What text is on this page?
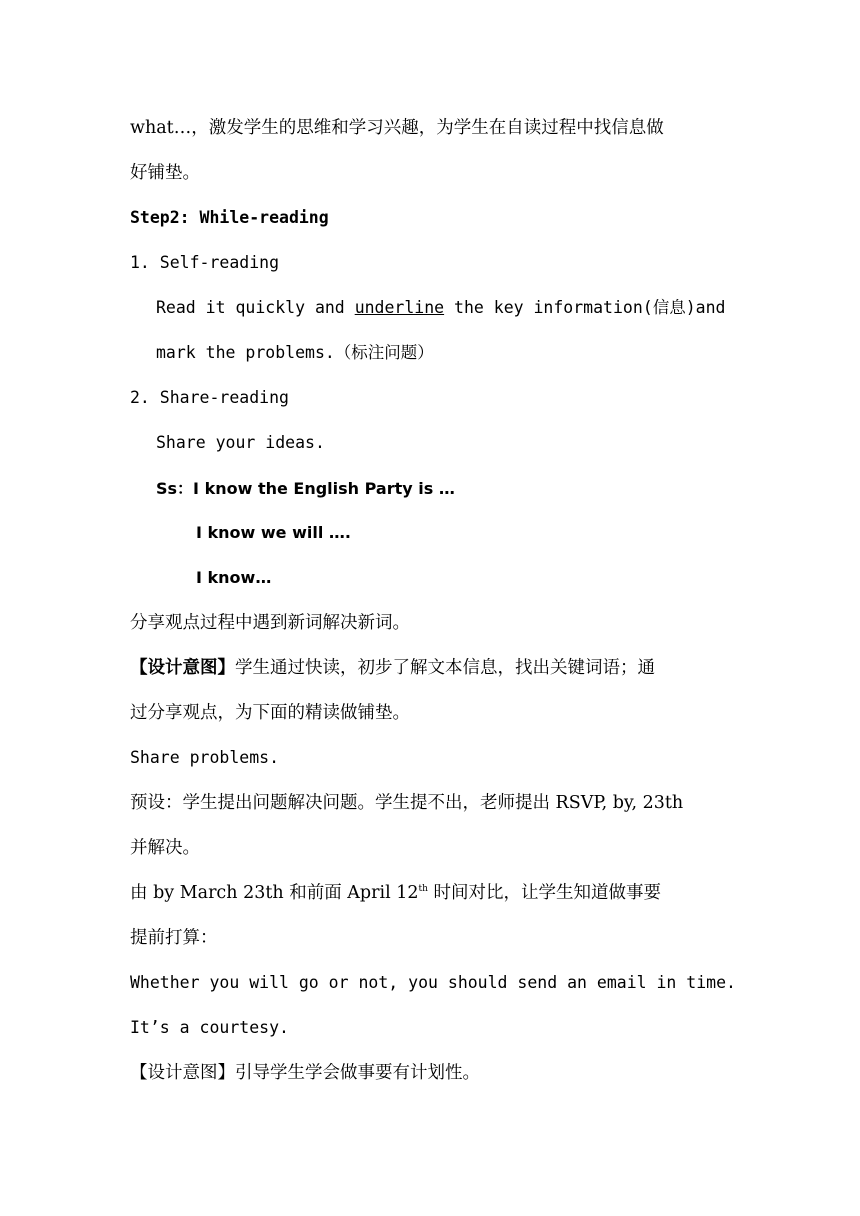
what…，激发学生的思维和学习兴趣，为学生在自读过程中找信息做
好铺垫。
Step2: While-reading
1. Self-reading
Read it quickly and underline the key information(信息)and
mark the problems.（标注问题）
2. Share-reading
Share your ideas.
Ss：I know the English Party is …
I know we will ….
I know…
分享观点过程中遇到新词解决新词。
【设计意图】学生通过快读，初步了解文本信息，找出关键词语；通
过分享观点，为下面的精读做铺垫。
Share problems.
预设：学生提出问题解决问题。学生提不出，老师提出 RSVP, by, 23th
并解决。
由 by March 23th 和前面 April 12th 时间对比，让学生知道做事要
提前打算：
Whether you will go or not, you should send an email in time.
It’s a courtesy.
【设计意图】引导学生学会做事要有计划性。
